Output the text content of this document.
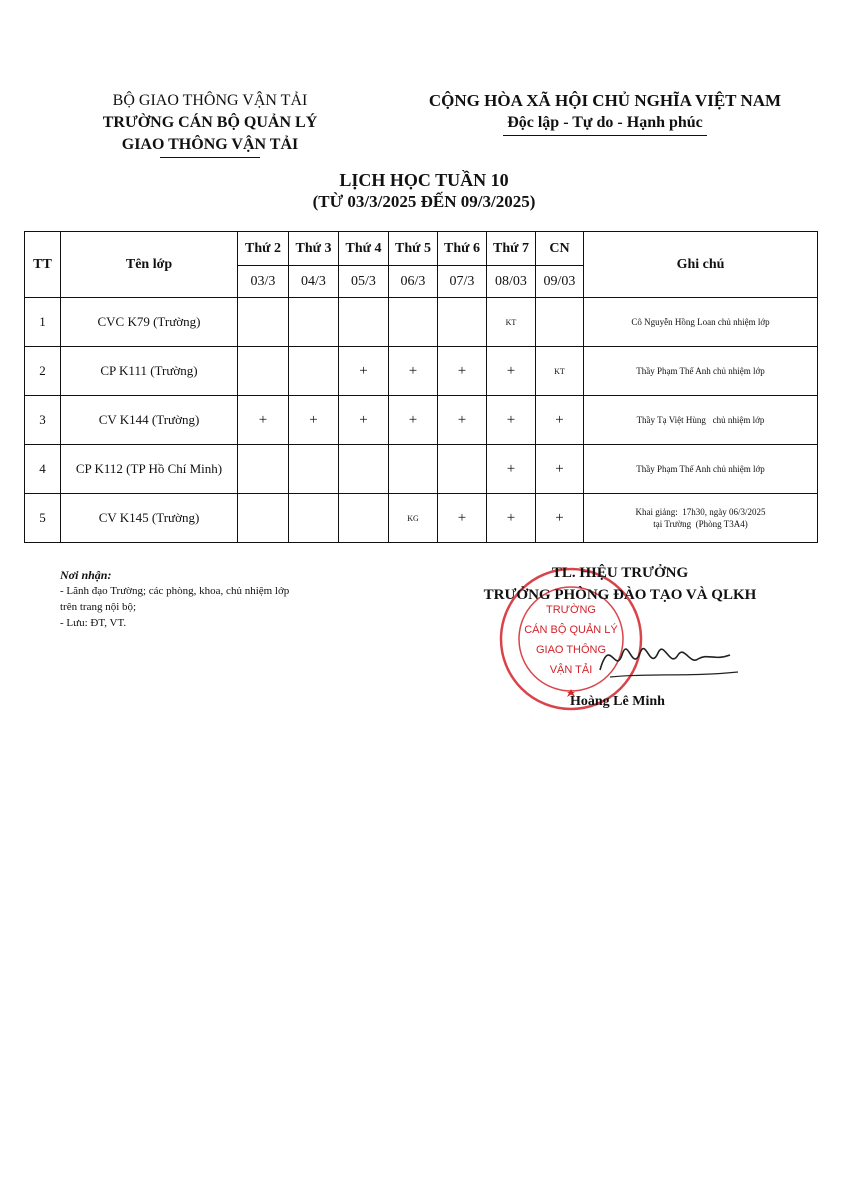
BỘ GIAO THÔNG VẬN TẢI
TRƯỜNG CÁN BỘ QUẢN LÝ
GIAO THÔNG VẬN TẢI
CỘNG HÒA XÃ HỘI CHỦ NGHĨA VIỆT NAM
Độc lập - Tự do - Hạnh phúc
LỊCH HỌC TUẦN 10
(TỪ 03/3/2025 ĐẾN 09/3/2025)
TT	Tên lớp	Thứ 2	Thứ 3	Thứ 4	Thứ 5	Thứ 6	Thứ 7	CN	Ghi chú
		03/3	04/3	05/3	06/3	07/3	08/03	09/03	
1	CVC K79 (Trường)						KT		Cô Nguyễn Hồng Loan chủ nhiệm lớp
2	CP K111 (Trường)			+	+	+	+	KT	Thầy Phạm Thế Anh chủ nhiệm lớp
3	CV K144 (Trường)	+	+	+	+	+	+	+	Thầy Tạ Việt Hùng   chủ nhiệm lớp
4	CP K112 (TP Hồ Chí Minh)						+	+	Thầy Phạm Thế Anh chủ nhiệm lớp
5	CV K145 (Trường)				KG	+	+	+	Khai giảng:  17h30, ngày 06/3/2025
tại Trường  (Phòng T3A4)
Nơi nhận:
- Lãnh đạo Trường; các phòng, khoa, chủ nhiệm lớp
trên trang nội bộ;
- Lưu: ĐT, VT.
TRƯỜNG
CÁN BỘ QUẢN LÝ
GIAO THÔNG
VẬN TẢI
TL. HIỆU TRƯỞNG
TRƯỞNG PHÒNG ĐÀO TẠO VÀ QLKH
Hoàng Lê Minh
